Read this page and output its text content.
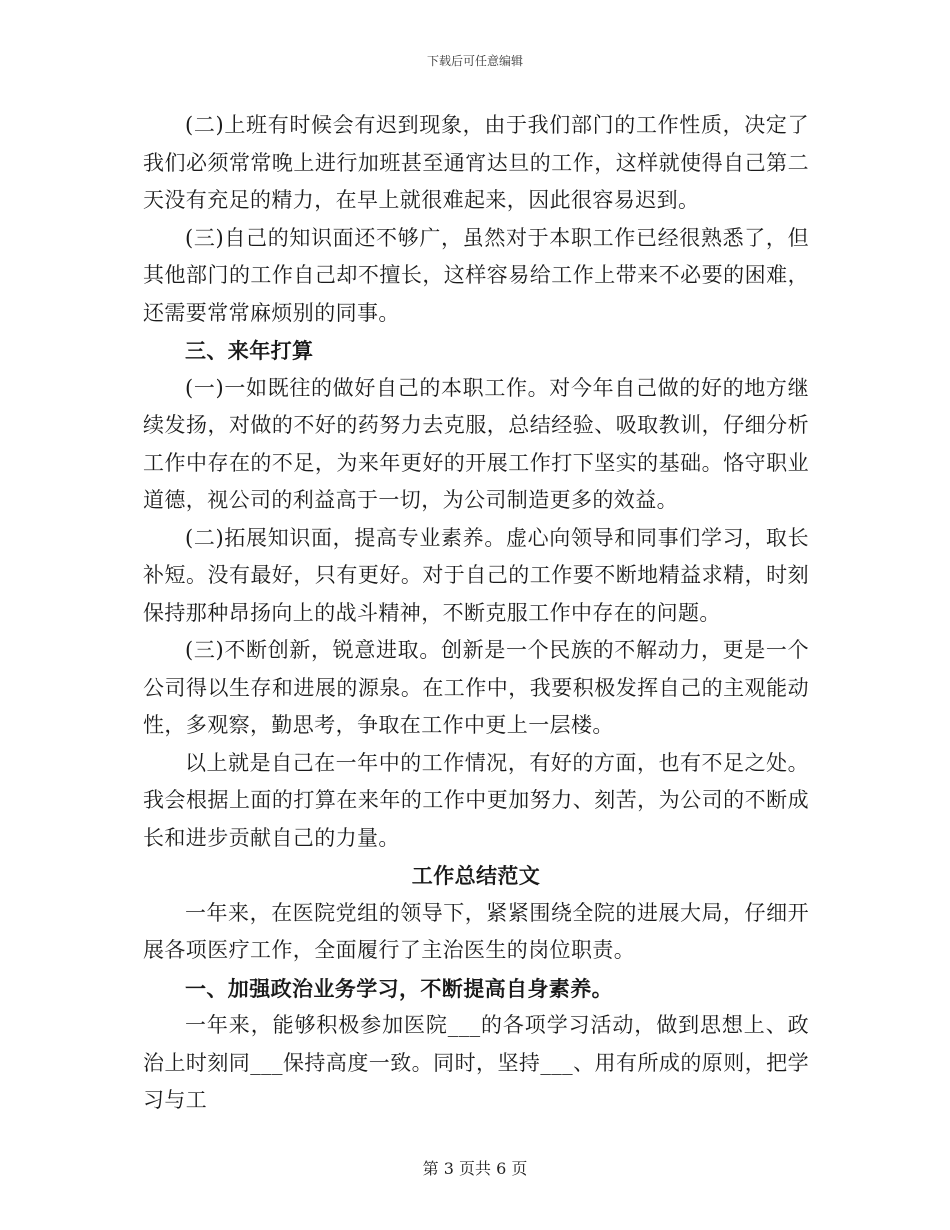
下载后可任意编辑

(二)上班有时候会有迟到现象，由于我们部门的工作性质，决定了我们必须常常晚上进行加班甚至通宵达旦的工作，这样就使得自己第二天没有充足的精力，在早上就很难起来，因此很容易迟到。

(三)自己的知识面还不够广，虽然对于本职工作已经很熟悉了，但其他部门的工作自己却不擅长，这样容易给工作上带来不必要的困难，还需要常常麻烦别的同事。

三、来年打算

(一)一如既往的做好自己的本职工作。对今年自己做的好的地方继续发扬，对做的不好的药努力去克服，总结经验、吸取教训，仔细分析工作中存在的不足，为来年更好的开展工作打下坚实的基础。恪守职业道德，视公司的利益高于一切，为公司制造更多的效益。

(二)拓展知识面，提高专业素养。虚心向领导和同事们学习，取长补短。没有最好，只有更好。对于自己的工作要不断地精益求精，时刻保持那种昂扬向上的战斗精神，不断克服工作中存在的问题。

(三)不断创新，锐意进取。创新是一个民族的不解动力，更是一个公司得以生存和进展的源泉。在工作中，我要积极发挥自己的主观能动性，多观察，勤思考，争取在工作中更上一层楼。

以上就是自己在一年中的工作情况，有好的方面，也有不足之处。我会根据上面的打算在来年的工作中更加努力、刻苦，为公司的不断成长和进步贡献自己的力量。

工作总结范文

一年来，在医院党组的领导下，紧紧围绕全院的进展大局，仔细开展各项医疗工作，全面履行了主治医生的岗位职责。

一、加强政治业务学习，不断提高自身素养。

一年来，能够积极参加医院___的各项学习活动，做到思想上、政治上时刻同___保持高度一致。同时，坚持___、用有所成的原则，把学习与工

第 3 页共 6 页
